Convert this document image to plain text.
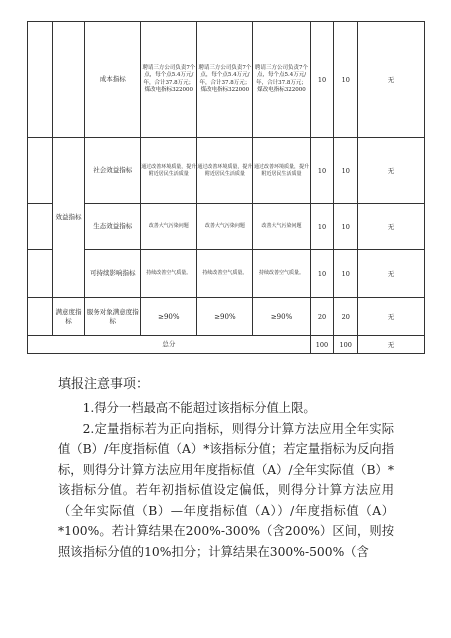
		成本指标	聘请三方公司负责7个点，每个点5.4万元/年，合计37.8万元；煤改电指标322000	聘请三方公司负责7个点，每个点5.4万元/年，合计37.8万元；煤改电指标322000	聘请三方公司负责7个点，每个点5.4万元/年，合计37.8万元；煤改电指标322000	10	10	无
	效益指标	社会效益指标	通过改善环境质量，提升附近居民生活质量	通过改善环境质量，提升附近居民生活质量	通过改善环境质量，提升附近居民生活质量	10	10	无
		生态效益指标	改善大气污染问题	改善大气污染问题	改善大气污染问题	10	10	无
		可持续影响指标	持续改善空气质量。	持续改善空气质量。	持续改善空气质量。	10	10	无
	满意度指标	服务对象满意度指标	≥90%	≥90%	≥90%	20	20	无
总分						100	100	无
填报注意事项：

1.得分一档最高不能超过该指标分值上限。

2.定量指标若为正向指标，则得分计算方法应用全年实际值（B）/年度指标值（A）*该指标分值；若定量指标为反向指标，则得分计算方法应用年度指标值（A）/全年实际值（B）*该指标分值。若年初指标值设定偏低，则得分计算方法应用（全年实际值（B）—年度指标值（A））/年度指标值（A）*100%。若计算结果在200%-300%（含200%）区间，则按照该指标分值的10%扣分；计算结果在300%-500%（含
